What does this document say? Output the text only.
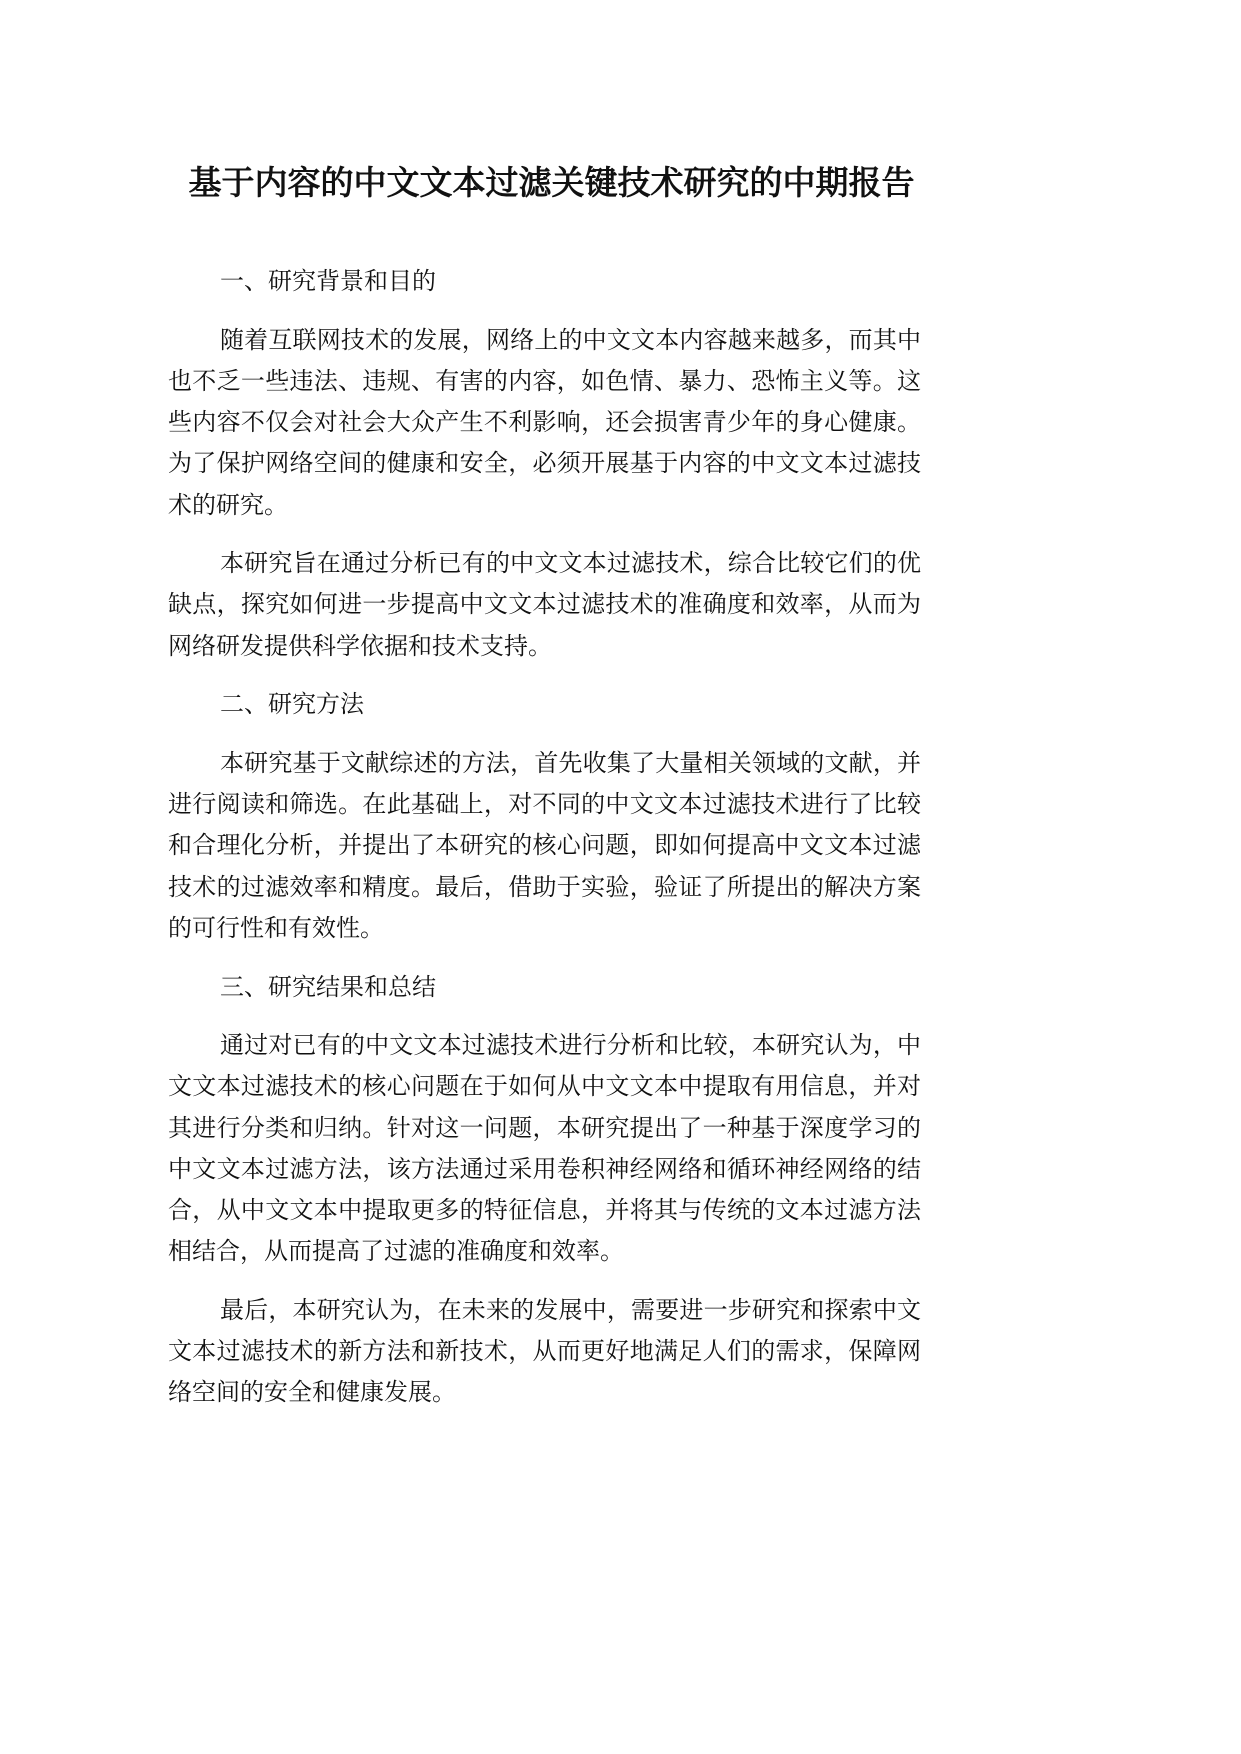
基于内容的中文文本过滤关键技术研究的中期报告
一、研究背景和目的
随着互联网技术的发展，网络上的中文文本内容越来越多，而其中
也不乏一些违法、违规、有害的内容，如色情、暴力、恐怖主义等。这
些内容不仅会对社会大众产生不利影响，还会损害青少年的身心健康。
为了保护网络空间的健康和安全，必须开展基于内容的中文文本过滤技
术的研究。
本研究旨在通过分析已有的中文文本过滤技术，综合比较它们的优
缺点，探究如何进一步提高中文文本过滤技术的准确度和效率，从而为
网络研发提供科学依据和技术支持。
二、研究方法
本研究基于文献综述的方法，首先收集了大量相关领域的文献，并
进行阅读和筛选。在此基础上，对不同的中文文本过滤技术进行了比较
和合理化分析，并提出了本研究的核心问题，即如何提高中文文本过滤
技术的过滤效率和精度。最后，借助于实验，验证了所提出的解决方案
的可行性和有效性。
三、研究结果和总结
通过对已有的中文文本过滤技术进行分析和比较，本研究认为，中
文文本过滤技术的核心问题在于如何从中文文本中提取有用信息，并对
其进行分类和归纳。针对这一问题，本研究提出了一种基于深度学习的
中文文本过滤方法，该方法通过采用卷积神经网络和循环神经网络的结
合，从中文文本中提取更多的特征信息，并将其与传统的文本过滤方法
相结合，从而提高了过滤的准确度和效率。
最后，本研究认为，在未来的发展中，需要进一步研究和探索中文
文本过滤技术的新方法和新技术，从而更好地满足人们的需求，保障网
络空间的安全和健康发展。
